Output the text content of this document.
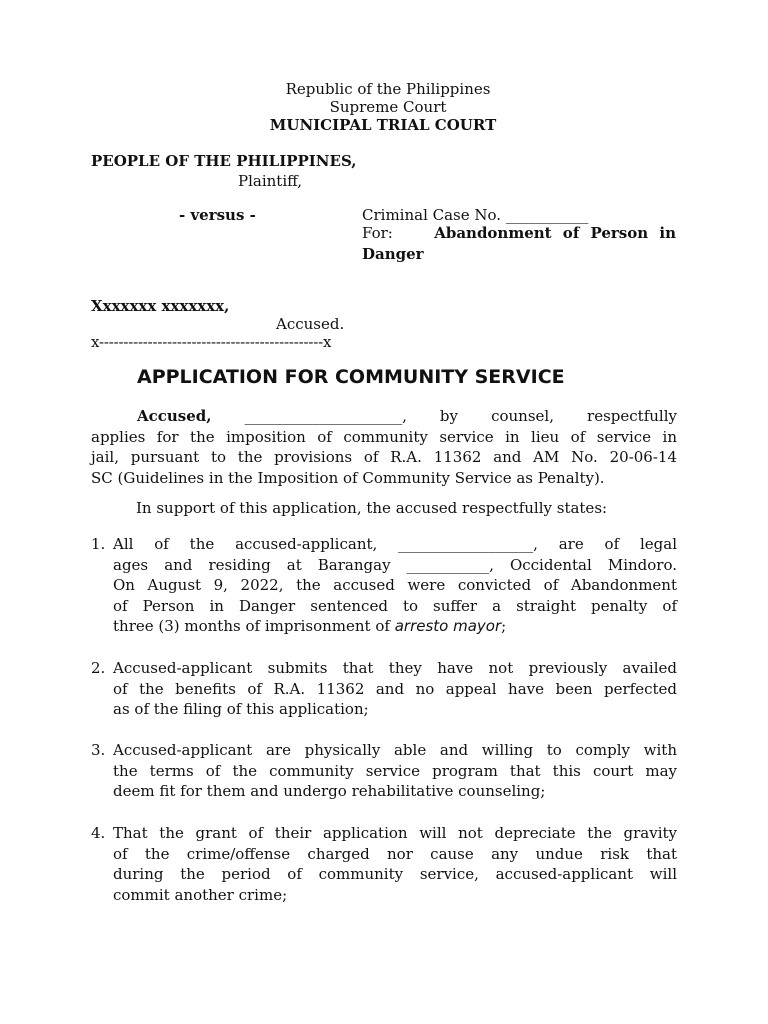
Republic of the Philippines
Supreme Court
MUNICIPAL TRIAL COURT
PEOPLE OF THE PHILIPPINES,
Plaintiff,
- versus -	Criminal Case No. ___________
For:	Abandonment of Person in
Danger
Xxxxxxx xxxxxxx,
Accused.
x----------------------------------------------x
APPLICATION FOR COMMUNITY SERVICE
Accused, _____________________, by counsel, respectfully
applies for the imposition of community service in lieu of service in
jail, pursuant to the provisions of R.A. 11362 and AM No. 20-06-14
SC (Guidelines in the Imposition of Community Service as Penalty).
In support of this application, the accused respectfully states:
1. All of the accused-applicant, __________________, are of legal
ages and residing at Barangay ___________, Occidental Mindoro.
On August 9, 2022, the accused were convicted of Abandonment
of Person in Danger sentenced to suffer a straight penalty of
three (3) months of imprisonment of arresto mayor;
2. Accused-applicant submits that they have not previously availed
of the benefits of R.A. 11362 and no appeal have been perfected
as of the filing of this application;
3. Accused-applicant are physically able and willing to comply with
the terms of the community service program that this court may
deem fit for them and undergo rehabilitative counseling;
4. That the grant of their application will not depreciate the gravity
of the crime/offense charged nor cause any undue risk that
during the period of community service, accused-applicant will
commit another crime;
